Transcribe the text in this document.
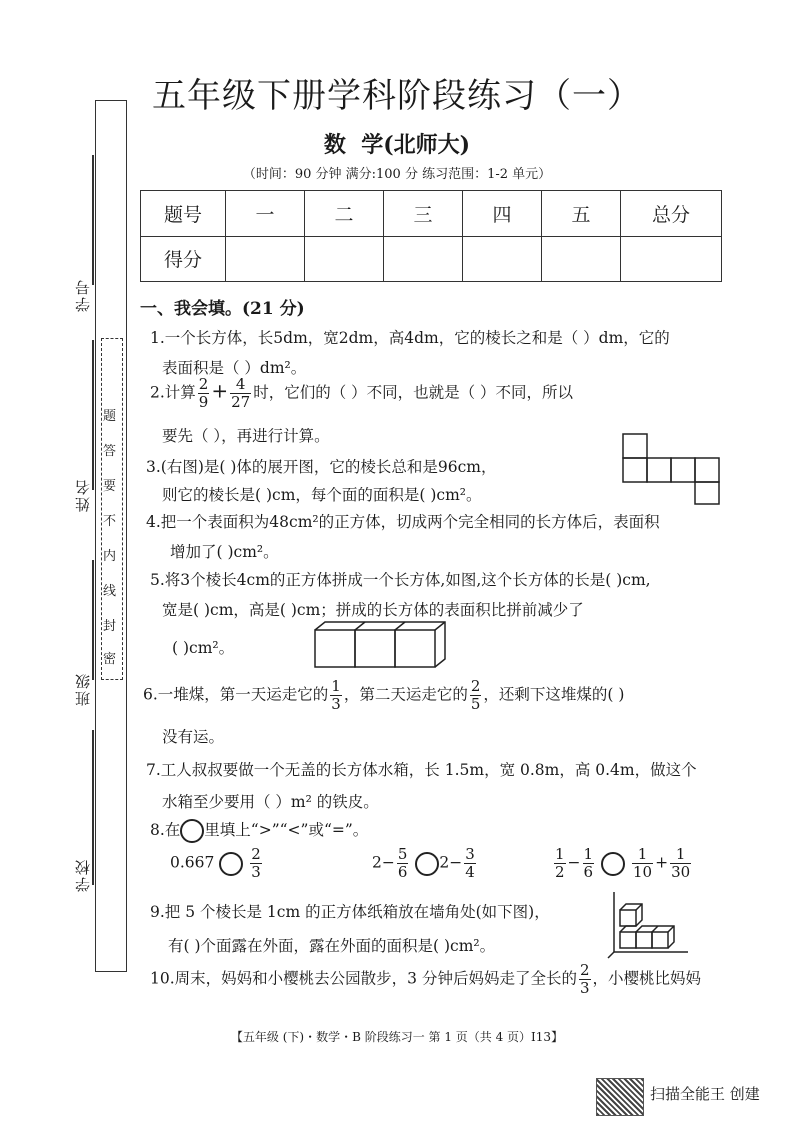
学校
班级
姓名
学号
题
答
要
不
内
线
封
密
五年级下册学科阶段练习（一）
数  学(北师大)
（时间：90 分钟 满分:100 分 练习范围：1-2 单元）
题号	一	二	三	四	五	总分
得分						
一、我会填。(21 分)
1.一个长方体，长5dm，宽2dm，高4dm，它的棱长之和是（ ）dm，它的
表面积是（ ）dm²。
2.计算 $\frac{2}{9} + \frac{4}{27}$ 时，它们的（ ）不同，也就是（ ）不同，所以
要先（ ），再进行计算。
3.(右图)是( )体的展开图，它的棱长总和是96cm，
则它的棱长是( )cm，每个面的面积是( )cm²。
4.把一个表面积为48cm²的正方体，切成两个完全相同的长方体后，表面积
增加了( )cm²。
5.将3个棱长4cm的正方体拼成一个长方体,如图,这个长方体的长是( )cm,
宽是( )cm，高是( )cm；拼成的长方体的表面积比拼前减少了
( )cm²。
6.一堆煤，第一天运走它的 $\frac{1}{3}$ ，第二天运走它的 $\frac{2}{5}$ ，还剩下这堆煤的( )
没有运。
7.工人叔叔要做一个无盖的长方体水箱，长 1.5m，宽 0.8m，高 0.4m，做这个
水箱至少要用（ ）m² 的铁皮。
8.在 里填上“>”“<”或“=”。
$0.667 \frac{2}{3}$	$2- \frac{5}{6} 2- \frac{3}{4}$	$\frac{1}{2} - \frac{1}{6}$
	$\frac{1}{10} + \frac{1}{30}$
9.把 5 个棱长是 1cm 的正方体纸箱放在墙角处(如下图)，
有( )个面露在外面，露在外面的面积是( )cm²。
10.周末，妈妈和小樱桃去公园散步，3 分钟后妈妈走了全长的 $\frac{2}{3}$ ，小樱桃比妈妈
【五年级 (下)・数学・B 阶段练习一 第 1 页（共 4 页）I13】
扫描全能王 创建
